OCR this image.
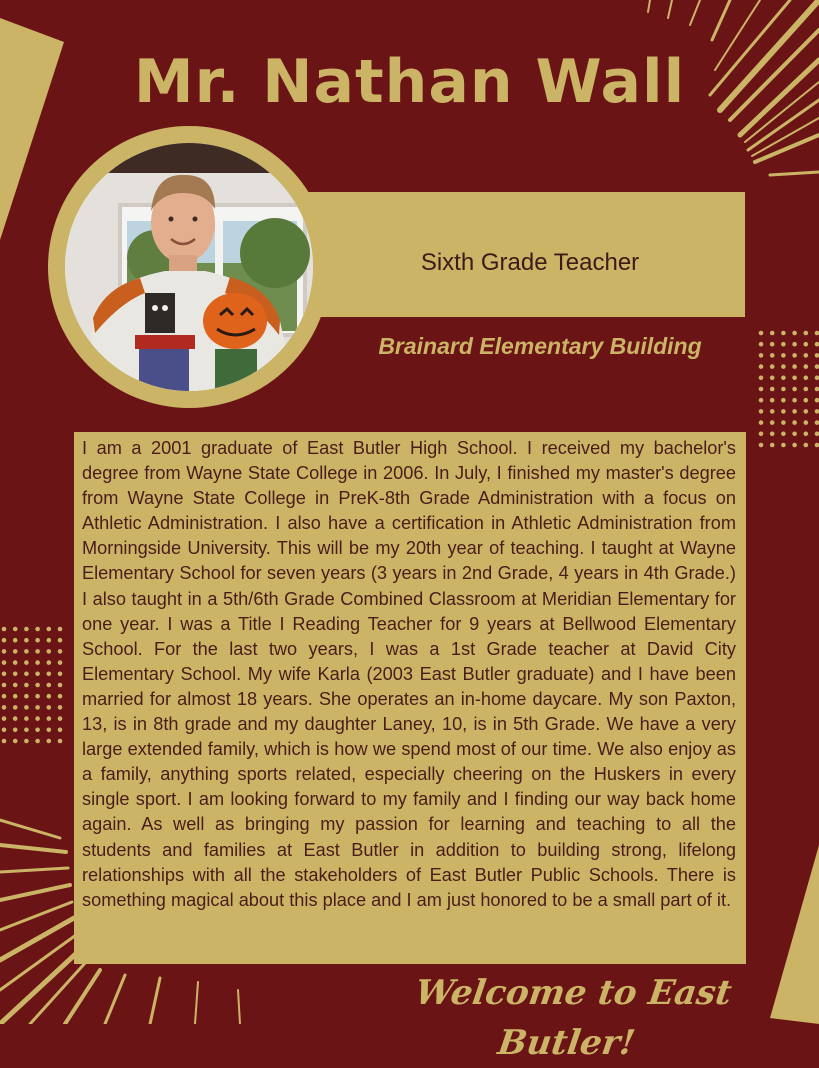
Mr. Nathan Wall
Sixth Grade Teacher
Brainard Elementary Building

I am a 2001 graduate of East Butler High School. I received my bachelor's degree from Wayne State College in 2006. In July, I finished my master's degree from Wayne State College in PreK-8th Grade Administration with a focus on Athletic Administration. I also have a certification in Athletic Administration from Morningside University. This will be my 20th year of teaching. I taught at Wayne Elementary School for seven years (3 years in 2nd Grade, 4 years in 4th Grade.) I also taught in a 5th/6th Grade Combined Classroom at Meridian Elementary for one year. I was a Title I Reading Teacher for 9 years at Bellwood Elementary School. For the last two years, I was a 1st Grade teacher at David City Elementary School. My wife Karla (2003 East Butler graduate) and I have been married for almost 18 years. She operates an in-home daycare. My son Paxton, 13, is in 8th grade and my daughter Laney, 10, is in 5th Grade. We have a very large extended family, which is how we spend most of our time. We also enjoy as a family, anything sports related, especially cheering on the Huskers in every single sport. I am looking forward to my family and I finding our way back home again. As well as bringing my passion for learning and teaching to all the students and families at East Butler in addition to building strong, lifelong relationships with all the stakeholders of East Butler Public Schools. There is something magical about this place and I am just honored to be a small part of it.

Welcome to East Butler!
